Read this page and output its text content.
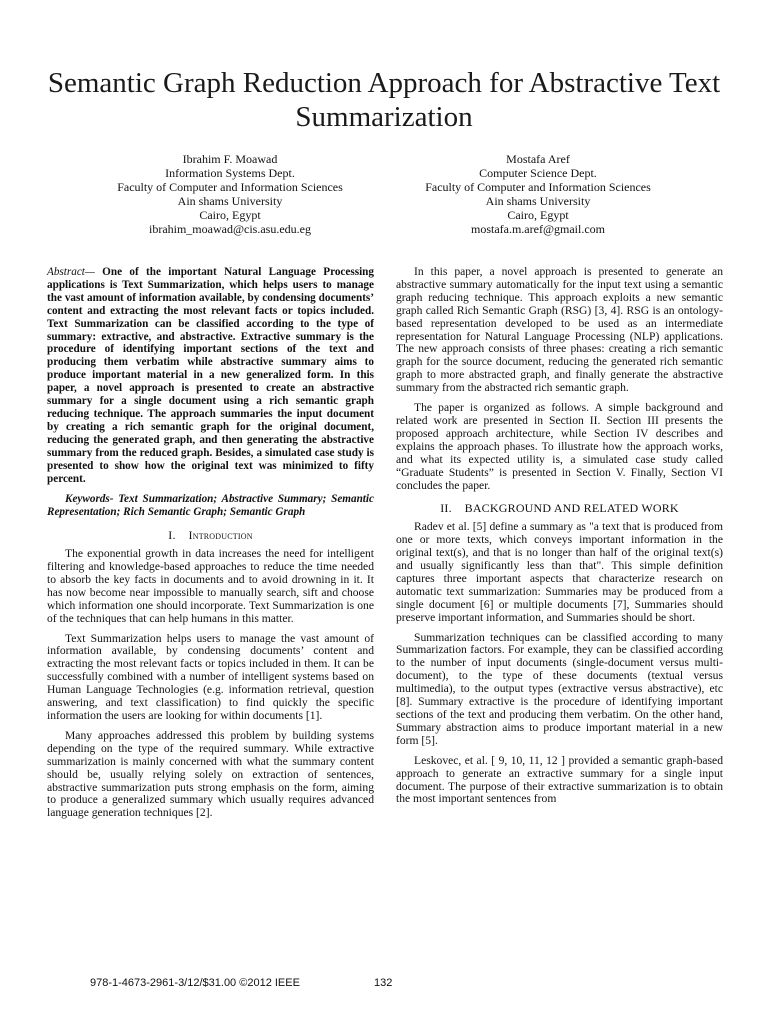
Semantic Graph Reduction Approach for Abstractive Text Summarization
Ibrahim F. Moawad
Information Systems Dept.
Faculty of Computer and Information Sciences
Ain shams University
Cairo, Egypt
ibrahim_moawad@cis.asu.edu.eg
Mostafa Aref
Computer Science Dept.
Faculty of Computer and Information Sciences
Ain shams University
Cairo, Egypt
mostafa.m.aref@gmail.com

Abstract— One of the important Natural Language Processing applications is Text Summarization, which helps users to manage the vast amount of information available, by condensing documents’ content and extracting the most relevant facts or topics included. Text Summarization can be classified according to the type of summary: extractive, and abstractive. Extractive summary is the procedure of identifying important sections of the text and producing them verbatim while abstractive summary aims to produce important material in a new generalized form. In this paper, a novel approach is presented to create an abstractive summary for a single document using a rich semantic graph reducing technique. The approach summaries the input document by creating a rich semantic graph for the original document, reducing the generated graph, and then generating the abstractive summary from the reduced graph. Besides, a simulated case study is presented to show how the original text was minimized to fifty percent.

Keywords- Text Summarization; Abstractive Summary; Semantic Representation; Rich Semantic Graph; Semantic Graph

I. Introduction

The exponential growth in data increases the need for intelligent filtering and knowledge-based approaches to reduce the time needed to absorb the key facts in documents and to avoid drowning in it. It has now become near impossible to manually search, sift and choose which information one should incorporate. Text Summarization is one of the techniques that can help humans in this matter.

Text Summarization helps users to manage the vast amount of information available, by condensing documents’ content and extracting the most relevant facts or topics included in them. It can be successfully combined with a number of intelligent systems based on Human Language Technologies (e.g. information retrieval, question answering, and text classification) to find quickly the specific information the users are looking for within documents [1].

Many approaches addressed this problem by building systems depending on the type of the required summary. While extractive summarization is mainly concerned with what the summary content should be, usually relying solely on extraction of sentences, abstractive summarization puts strong emphasis on the form, aiming to produce a generalized summary which usually requires advanced language generation techniques [2].

In this paper, a novel approach is presented to generate an abstractive summary automatically for the input text using a semantic graph reducing technique. This approach exploits a new semantic graph called Rich Semantic Graph (RSG) [3, 4]. RSG is an ontology-based representation developed to be used as an intermediate representation for Natural Language Processing (NLP) applications. The new approach consists of three phases: creating a rich semantic graph for the source document, reducing the generated rich semantic graph to more abstracted graph, and finally generate the abstractive summary from the abstracted rich semantic graph.

The paper is organized as follows. A simple background and related work are presented in Section II. Section III presents the proposed approach architecture, while Section IV describes and explains the approach phases. To illustrate how the approach works, and what its expected utility is, a simulated case study called “Graduate Students” is presented in Section V. Finally, Section VI concludes the paper.

II. BACKGROUND AND RELATED WORK

Radev et al. [5] define a summary as "a text that is produced from one or more texts, which conveys important information in the original text(s), and that is no longer than half of the original text(s) and usually significantly less than that". This simple definition captures three important aspects that characterize research on automatic text summarization: Summaries may be produced from a single document [6] or multiple documents [7], Summaries should preserve important information, and Summaries should be short.

Summarization techniques can be classified according to many Summarization factors. For example, they can be classified according to the number of input documents (single-document versus multi-document), to the type of these documents (textual versus multimedia), to the output types (extractive versus abstractive), etc [8]. Summary extractive is the procedure of identifying important sections of the text and producing them verbatim. On the other hand, Summary abstraction aims to produce important material in a new form [5].

Leskovec, et al. [ 9, 10, 11, 12 ] provided a semantic graph-based approach to generate an extractive summary for a single input document. The purpose of their extractive summarization is to obtain the most important sentences from

978-1-4673-2961-3/12/$31.00 ©2012 IEEE	132
